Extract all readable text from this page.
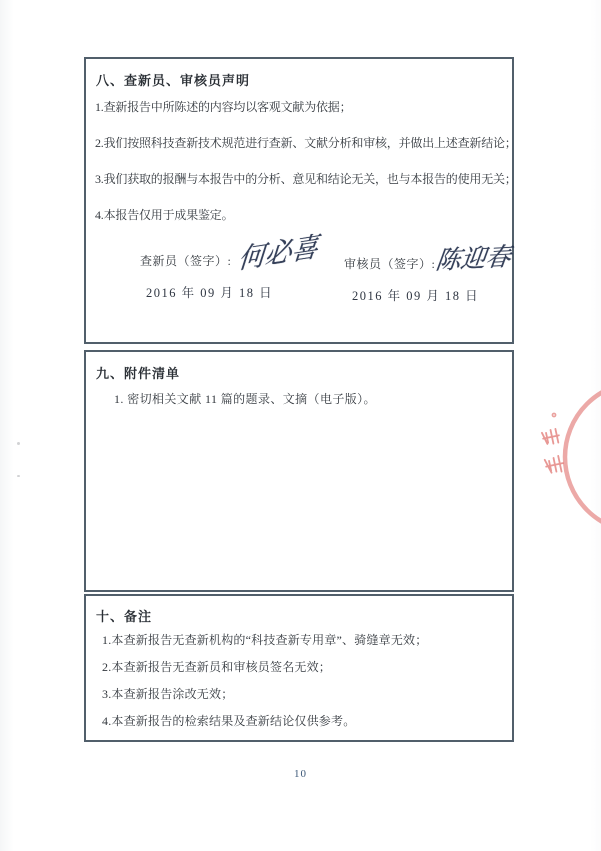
八、查新员、审核员声明
1.查新报告中所陈述的内容均以客观文献为依据；
2.我们按照科技查新技术规范进行查新、文献分析和审核，并做出上述查新结论；
3.我们获取的报酬与本报告中的分析、意见和结论无关，也与本报告的使用无关；
4.本报告仅用于成果鉴定。
查新员（签字）: 何必喜
2016 年 09 月 18 日
审核员（签字）:
陈迎春
2016 年 09 月 18 日
九、附件清单
1. 密切相关文献 11 篇的题录、文摘（电子版）。
十、备注
1.本查新报告无查新机构的“科技查新专用章”、骑缝章无效；
2.本查新报告无查新员和审核员签名无效；
3.本查新报告涂改无效；
4.本查新报告的检索结果及查新结论仅供参考。
10
